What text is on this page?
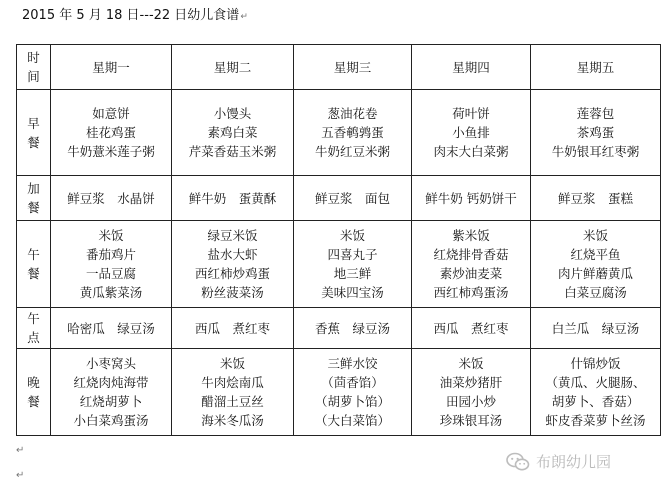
2015 年 5 月 18 日---22 日幼儿食谱↵
时
间	星期一	星期二	星期三	星期四	星期五

早
餐	如意饼
桂花鸡蛋
牛奶薏米莲子粥	小馒头
素鸡白菜
芹菜香菇玉米粥	葱油花卷
五香鹌鹑蛋
牛奶红豆米粥	荷叶饼
小鱼排
肉末大白菜粥	莲蓉包
茶鸡蛋
牛奶银耳红枣粥

加
餐	鲜豆浆　水晶饼	鲜牛奶　蛋黄酥	鲜豆浆　面包	鲜牛奶 钙奶饼干	鲜豆浆　蛋糕

午
餐	米饭
番茄鸡片
一品豆腐
黄瓜紫菜汤	绿豆米饭
盐水大虾
西红柿炒鸡蛋
粉丝菠菜汤	米饭
四喜丸子
地三鲜
美味四宝汤	紫米饭
红烧排骨香菇
素炒油麦菜
西红柿鸡蛋汤	米饭
红烧平鱼
肉片鲜蘑黄瓜
白菜豆腐汤

午
点	哈密瓜　绿豆汤	西瓜　煮红枣	香蕉　绿豆汤	西瓜　煮红枣	白兰瓜　绿豆汤

晚
餐	小枣窝头
红烧肉炖海带
红烧胡萝卜
小白菜鸡蛋汤	米饭
牛肉烩南瓜
醋溜土豆丝
海米冬瓜汤	三鲜水饺
（茴香馅）
（胡萝卜馅）
（大白菜馅）	米饭
油菜炒猪肝
田园小炒
珍珠银耳汤	什锦炒饭
（黄瓜、火腿肠、
胡萝卜、香菇）
虾皮香菜萝卜丝汤
↵
↵
布朗幼儿园
